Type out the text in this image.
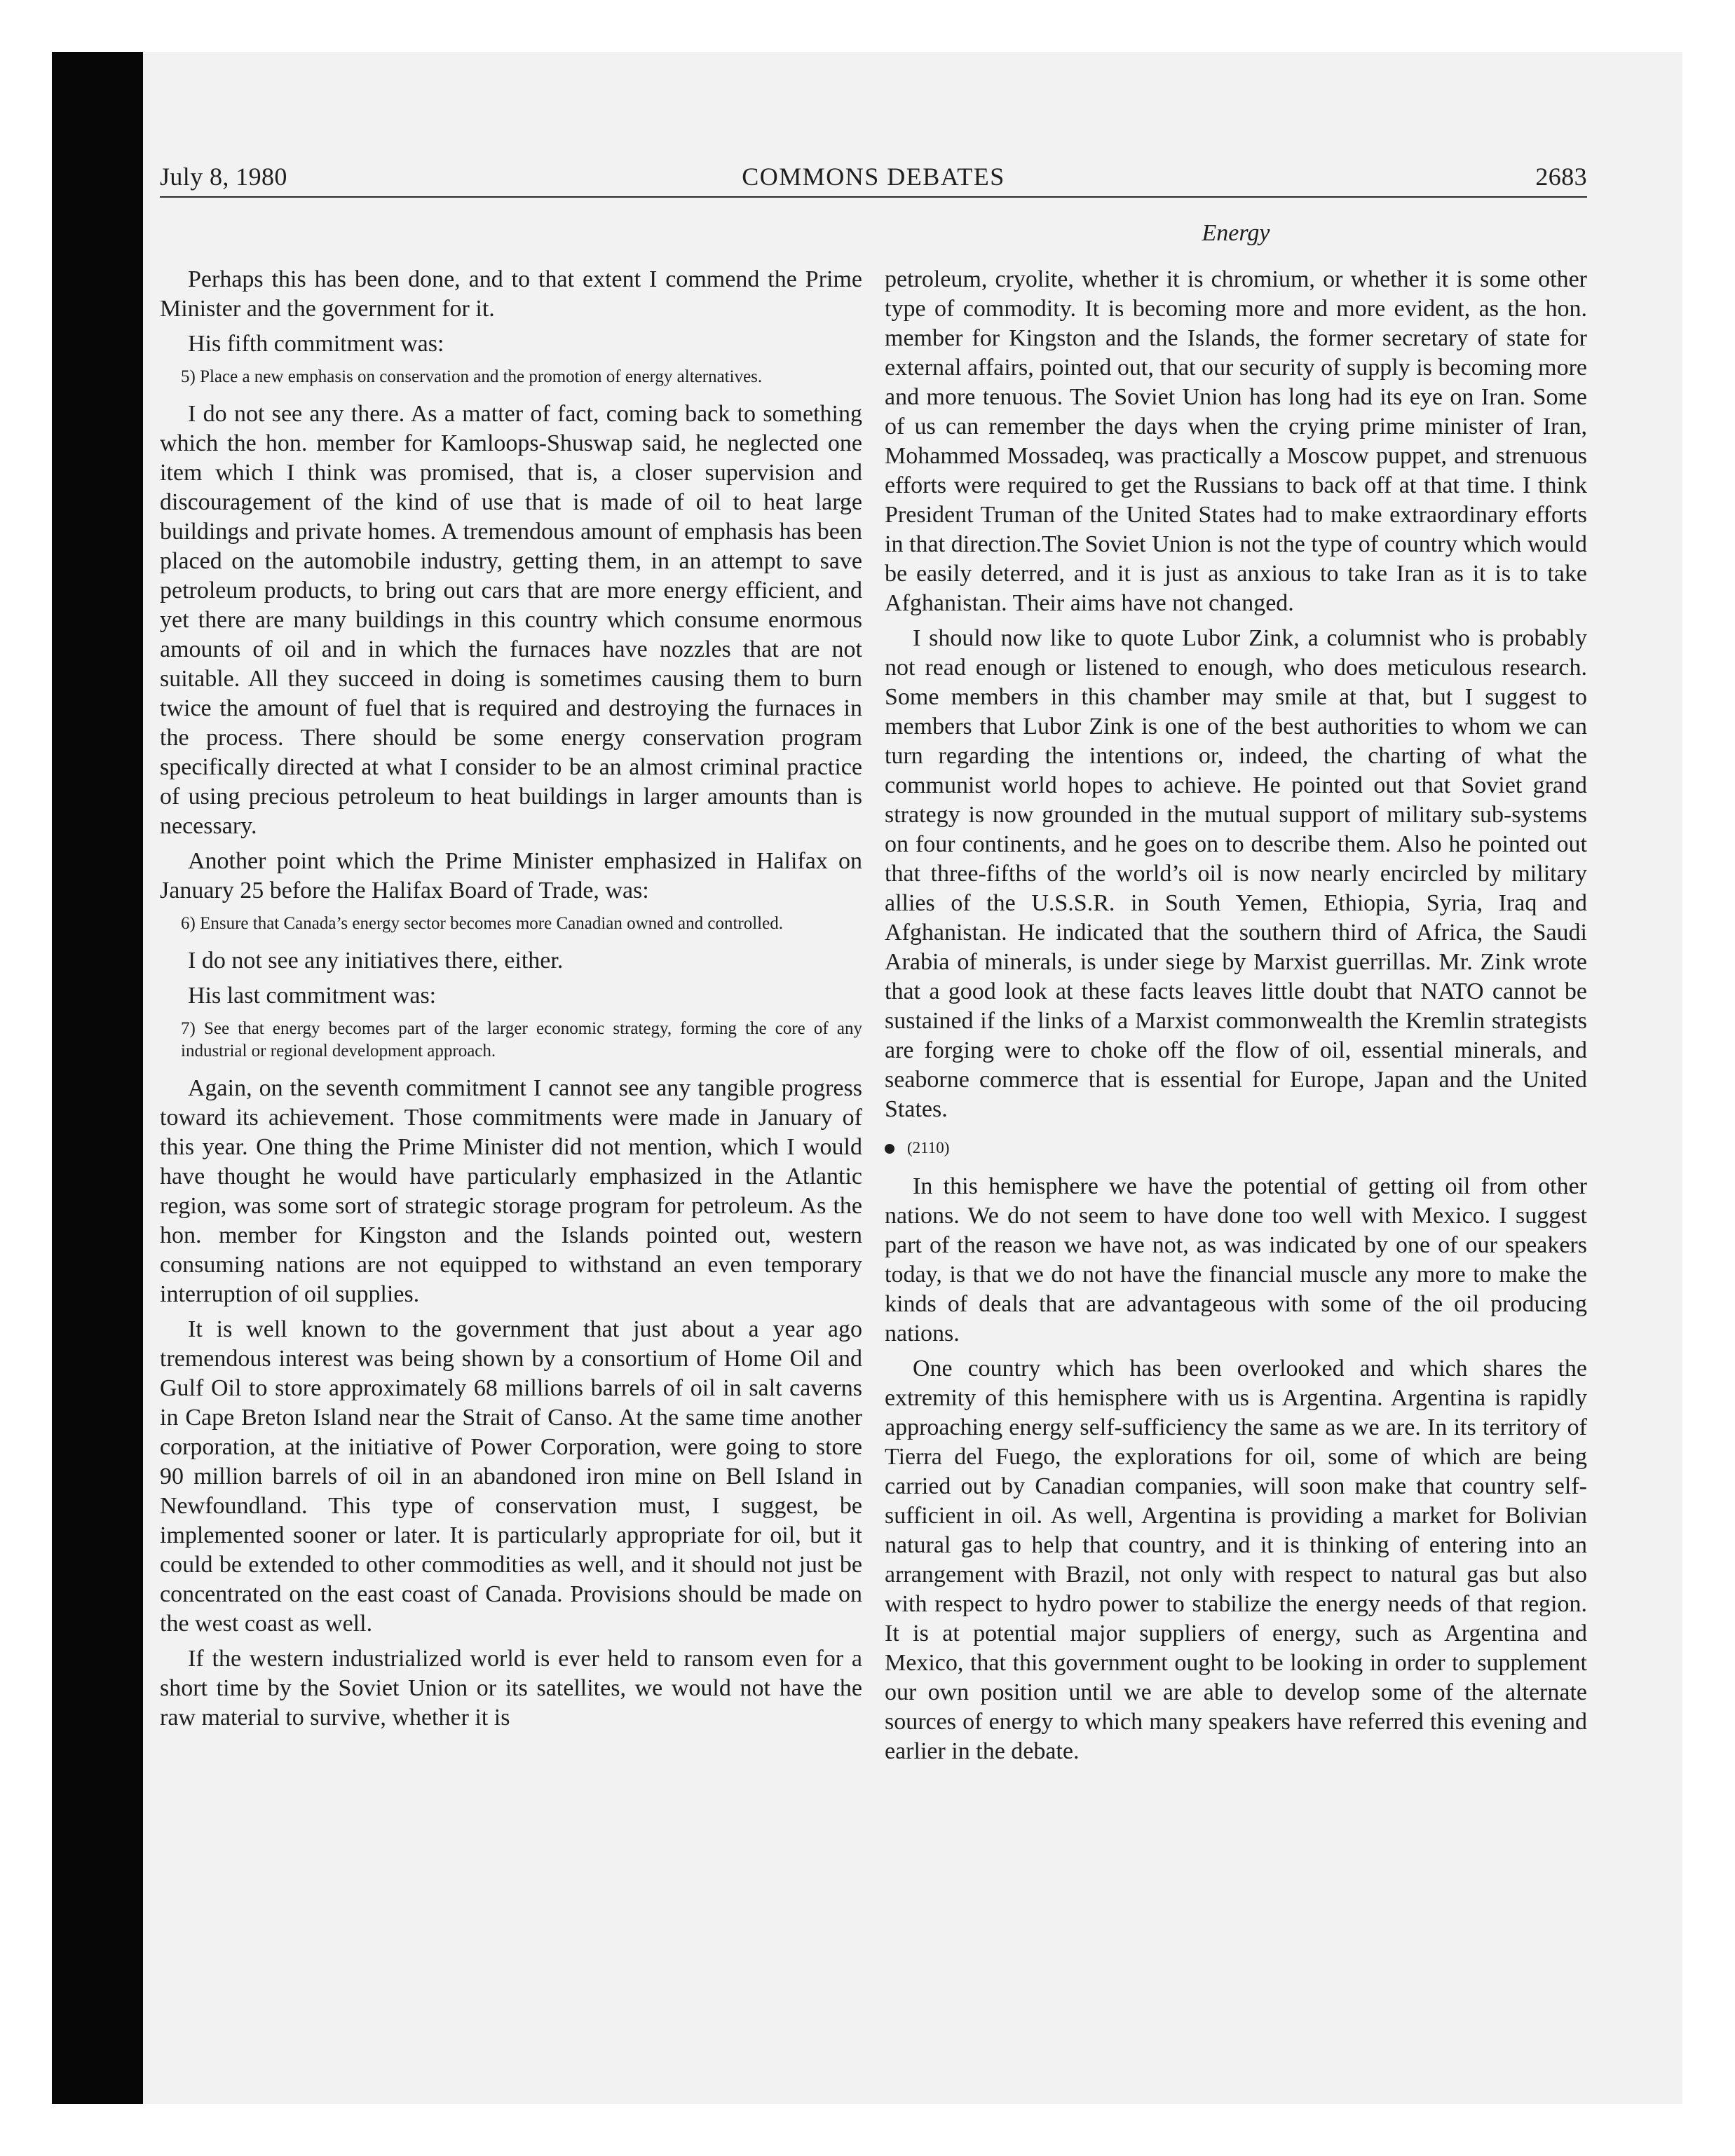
July 8, 1980	COMMONS DEBATES	2683

Perhaps this has been done, and to that extent I commend the Prime Minister and the government for it.

His fifth commitment was:

5) Place a new emphasis on conservation and the promotion of energy alternatives.

I do not see any there. As a matter of fact, coming back to something which the hon. member for Kamloops-Shuswap said, he neglected one item which I think was promised, that is, a closer supervision and discouragement of the kind of use that is made of oil to heat large buildings and private homes. A tremendous amount of emphasis has been placed on the automobile industry, getting them, in an attempt to save petroleum products, to bring out cars that are more energy efficient, and yet there are many buildings in this country which consume enormous amounts of oil and in which the furnaces have nozzles that are not suitable. All they succeed in doing is sometimes causing them to burn twice the amount of fuel that is required and destroying the furnaces in the process. There should be some energy conservation program specifically directed at what I consider to be an almost criminal practice of using precious petroleum to heat buildings in larger amounts than is necessary.

Another point which the Prime Minister emphasized in Halifax on January 25 before the Halifax Board of Trade, was:

6) Ensure that Canada’s energy sector becomes more Canadian owned and controlled.

I do not see any initiatives there, either.

His last commitment was:

7) See that energy becomes part of the larger economic strategy, forming the core of any industrial or regional development approach.

Again, on the seventh commitment I cannot see any tangible progress toward its achievement. Those commitments were made in January of this year. One thing the Prime Minister did not mention, which I would have thought he would have particularly emphasized in the Atlantic region, was some sort of strategic storage program for petroleum. As the hon. member for Kingston and the Islands pointed out, western consuming nations are not equipped to withstand an even temporary interruption of oil supplies.

It is well known to the government that just about a year ago tremendous interest was being shown by a consortium of Home Oil and Gulf Oil to store approximately 68 millions barrels of oil in salt caverns in Cape Breton Island near the Strait of Canso. At the same time another corporation, at the initiative of Power Corporation, were going to store 90 million barrels of oil in an abandoned iron mine on Bell Island in Newfoundland. This type of conservation must, I suggest, be implemented sooner or later. It is particularly appropriate for oil, but it could be extended to other commodities as well, and it should not just be concentrated on the east coast of Canada. Provisions should be made on the west coast as well.

If the western industrialized world is ever held to ransom even for a short time by the Soviet Union or its satellites, we would not have the raw material to survive, whether it is

petroleum, cryolite, whether it is chromium, or whether it is some other type of commodity. It is becoming more and more evident, as the hon. member for Kingston and the Islands, the former secretary of state for external affairs, pointed out, that our security of supply is becoming more and more tenuous. The Soviet Union has long had its eye on Iran. Some of us can remember the days when the crying prime minister of Iran, Mohammed Mossadeq, was practically a Moscow puppet, and strenuous efforts were required to get the Russians to back off at that time. I think President Truman of the United States had to make extraordinary efforts in that direction.The Soviet Union is not the type of country which would be easily deterred, and it is just as anxious to take Iran as it is to take Afghanistan. Their aims have not changed.

I should now like to quote Lubor Zink, a columnist who is probably not read enough or listened to enough, who does meticulous research. Some members in this chamber may smile at that, but I suggest to members that Lubor Zink is one of the best authorities to whom we can turn regarding the intentions or, indeed, the charting of what the communist world hopes to achieve. He pointed out that Soviet grand strategy is now grounded in the mutual support of military sub-systems on four continents, and he goes on to describe them. Also he pointed out that three-fifths of the world’s oil is now nearly encircled by military allies of the U.S.S.R. in South Yemen, Ethiopia, Syria, Iraq and Afghanistan. He indicated that the southern third of Africa, the Saudi Arabia of minerals, is under siege by Marxist guerrillas. Mr. Zink wrote that a good look at these facts leaves little doubt that NATO cannot be sustained if the links of a Marxist commonwealth the Kremlin strategists are forging were to choke off the flow of oil, essential minerals, and seaborne commerce that is essential for Europe, Japan and the United States.

(2110)

In this hemisphere we have the potential of getting oil from other nations. We do not seem to have done too well with Mexico. I suggest part of the reason we have not, as was indicated by one of our speakers today, is that we do not have the financial muscle any more to make the kinds of deals that are advantageous with some of the oil producing nations.

One country which has been overlooked and which shares the extremity of this hemisphere with us is Argentina. Argentina is rapidly approaching energy self-sufficiency the same as we are. In its territory of Tierra del Fuego, the explorations for oil, some of which are being carried out by Canadian companies, will soon make that country self-sufficient in oil. As well, Argentina is providing a market for Bolivian natural gas to help that country, and it is thinking of entering into an arrangement with Brazil, not only with respect to natural gas but also with respect to hydro power to stabilize the energy needs of that region. It is at potential major suppliers of energy, such as Argentina and Mexico, that this government ought to be looking in order to supplement our own position until we are able to develop some of the alternate sources of energy to which many speakers have referred this evening and earlier in the debate.

Energy
